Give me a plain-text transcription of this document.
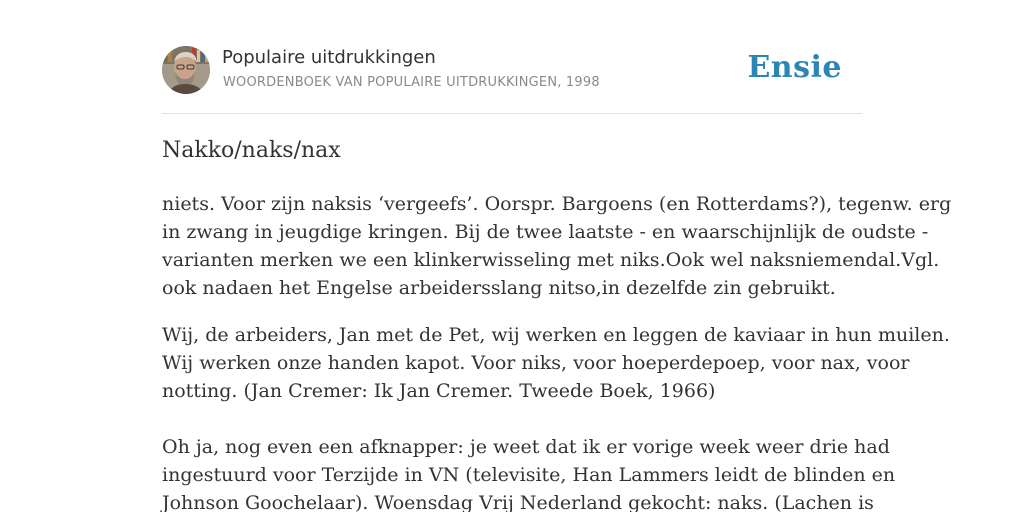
Populaire uitdrukkingen
WOORDENBOEK VAN POPULAIRE UITDRUKKINGEN, 1998	Ensie
Nakko/naks/nax

niets. Voor zijn naksis ‘vergeefs’. Oorspr. Bargoens (en Rotterdams?), tegenw. erg
in zwang in jeugdige kringen. Bij de twee laatste - en waarschijnlijk de oudste -
varianten merken we een klinkerwisseling met niks.Ook wel naksniemendal.Vgl.
ook nadaen het Engelse arbeidersslang nitso,in dezelfde zin gebruikt.

Wij, de arbeiders, Jan met de Pet, wij werken en leggen de kaviaar in hun muilen.
Wij werken onze handen kapot. Voor niks, voor hoeperdepoep, voor nax, voor
notting. (Jan Cremer: Ik Jan Cremer. Tweede Boek, 1966)
Oh ja, nog even een afknapper: je weet dat ik er vorige week weer drie had
ingestuurd voor Terzijde in VN (televisite, Han Lammers leidt de blinden en
Johnson Goochelaar). Woensdag Vrij Nederland gekocht: naks. (Lachen is
